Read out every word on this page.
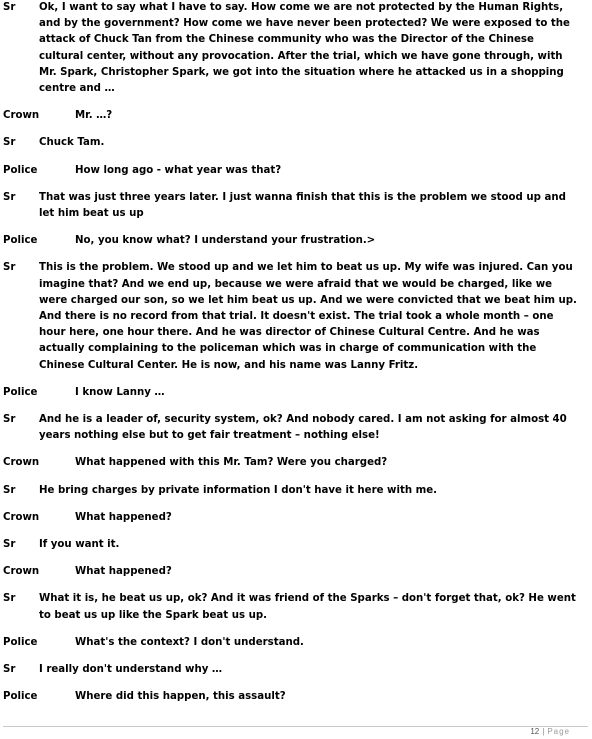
Sr Ok, I want to say what I have to say. How come we are not protected by the Human Rights, and by the government? How come we have never been protected? We were exposed to the attack of Chuck Tan from the Chinese community who was the Director of the Chinese cultural center, without any provocation. After the trial, which we have gone through, with Mr. Spark, Christopher Spark, we got into the situation where he attacked us in a shopping centre and …
Crown	Mr. …?
Sr Chuck Tam.
Police	How long ago - what year was that?
Sr That was just three years later. I just wanna finish that this is the problem we stood up and let him beat us up
Police	No, you know what? I understand your frustration.>
Sr This is the problem. We stood up and we let him to beat us up. My wife was injured. Can you imagine that? And we end up, because we were afraid that we would be charged, like we were charged our son, so we let him beat us up. And we were convicted that we beat him up. And there is no record from that trial. It doesn't exist. The trial took a whole month – one hour here, one hour there. And he was director of Chinese Cultural Centre. And he was actually complaining to the policeman which was in charge of communication with the Chinese Cultural Center. He is now, and his name was Lanny Fritz.
Police	I know Lanny …
Sr And he is a leader of, security system, ok? And nobody cared. I am not asking for almost 40 years nothing else but to get fair treatment – nothing else!
Crown	What happened with this Mr. Tam? Were you charged?
Sr He bring charges by private information I don't have it here with me.
Crown	What happened?
Sr If you want it.
Crown	What happened?
Sr What it is, he beat us up, ok? And it was friend of the Sparks – don't forget that, ok? He went to beat us up like the Spark beat us up.
Police	What's the context? I don't understand.
Sr I really don't understand why …
Police	Where did this happen, this assault?
12 | Page
